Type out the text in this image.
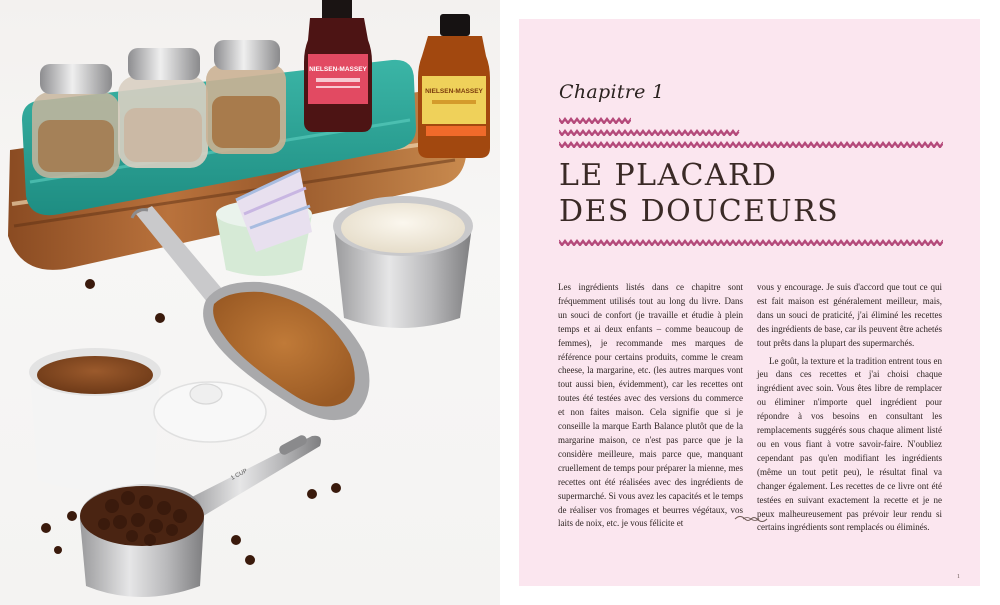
NIELSEN-MASSEY
NIELSEN-MASSEY
1 CUP
Chapitre 1
LE PLACARD
DES DOUCEURS

Les ingrédients listés dans ce chapitre sont fréquemment utilisés tout au long du livre. Dans un souci de confort (je travaille et étudie à plein temps et ai deux enfants – comme beaucoup de femmes), je recommande mes marques de référence pour certains produits, comme le cream cheese, la margarine, etc. (les autres marques vont tout aussi bien, évidemment), car les recettes ont toutes été testées avec des versions du commerce et non faites maison. Cela signifie que si je conseille la marque Earth Balance plutôt que de la margarine maison, ce n'est pas parce que je la considère meilleure, mais parce que, manquant cruellement de temps pour préparer la mienne, mes recettes ont été réalisées avec des ingrédients de supermarché. Si vous avez les capacités et le temps de réaliser vos fromages et beurres végétaux, vos laits de noix, etc. je vous félicite et

vous y encourage. Je suis d'accord que tout ce qui est fait maison est généralement meilleur, mais, dans un souci de praticité, j'ai éliminé les recettes des ingrédients de base, car ils peuvent être achetés tout prêts dans la plupart des supermarchés.

Le goût, la texture et la tradition entrent tous en jeu dans ces recettes et j'ai choisi chaque ingrédient avec soin. Vous êtes libre de remplacer ou éliminer n'importe quel ingrédient pour répondre à vos besoins en consultant les remplacements suggérés sous chaque aliment listé ou en vous fiant à votre savoir-faire. N'oubliez cependant pas qu'en modifiant les ingrédients (même un tout petit peu), le résultat final va changer également. Les recettes de ce livre ont été testées en suivant exactement la recette et je ne peux malheureusement pas prévoir leur rendu si certains ingrédients sont remplacés ou éliminés.

1
